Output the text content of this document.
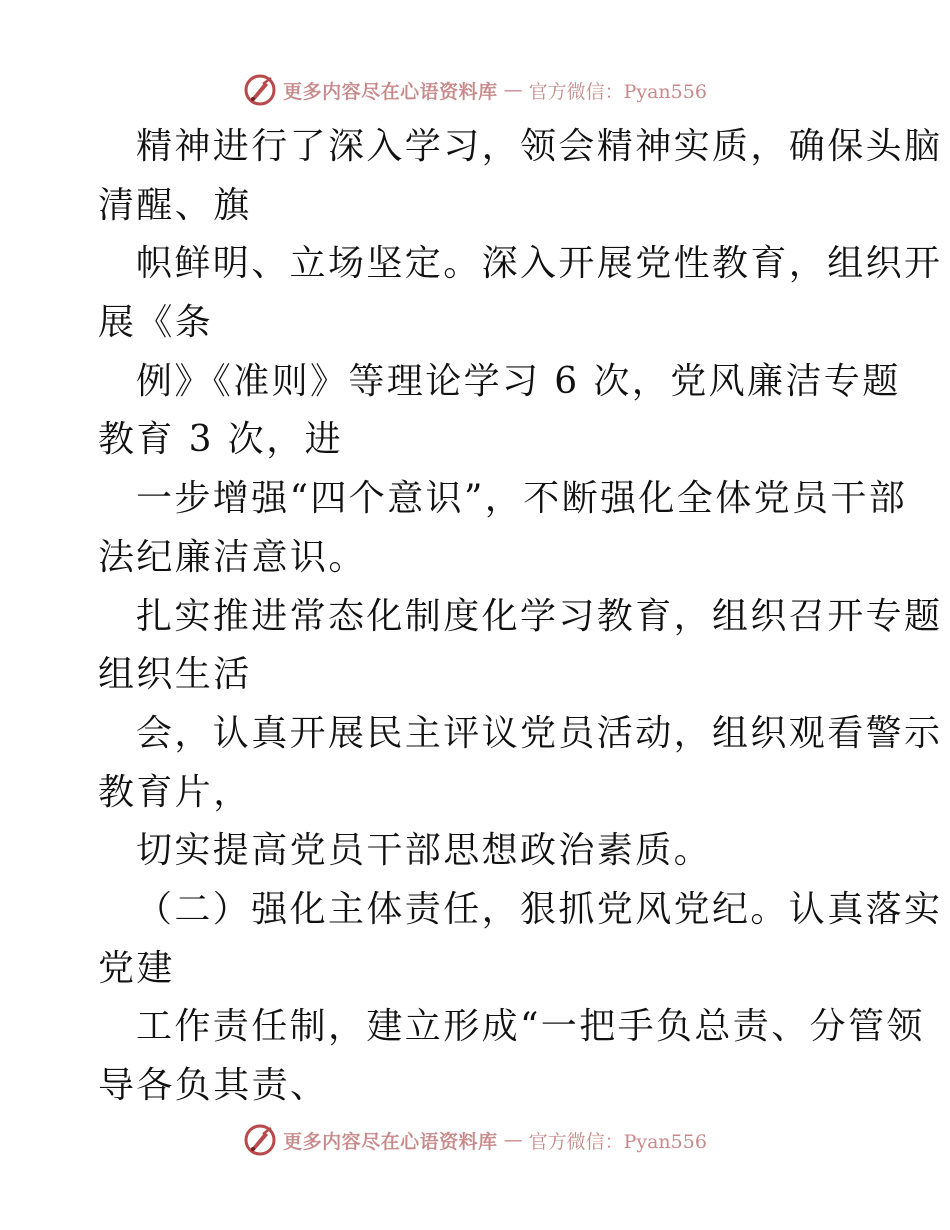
更多内容尽在心语资料库 — 官方微信：Pyan556
精神进行了深入学习，领会精神实质，确保头脑
清醒、旗
帜鲜明、立场坚定。深入开展党性教育，组织开
展《条
例》《准则》等理论学习 6 次，党风廉洁专题
教育 3 次，进
一步增强“四个意识”，不断强化全体党员干部
法纪廉洁意识。
扎实推进常态化制度化学习教育，组织召开专题
组织生活
会，认真开展民主评议党员活动，组织观看警示
教育片，
切实提高党员干部思想政治素质。
（二）强化主体责任，狠抓党风党纪。认真落实
党建
工作责任制，建立形成“一把手负总责、分管领
导各负其责、
更多内容尽在心语资料库 — 官方微信：Pyan556
